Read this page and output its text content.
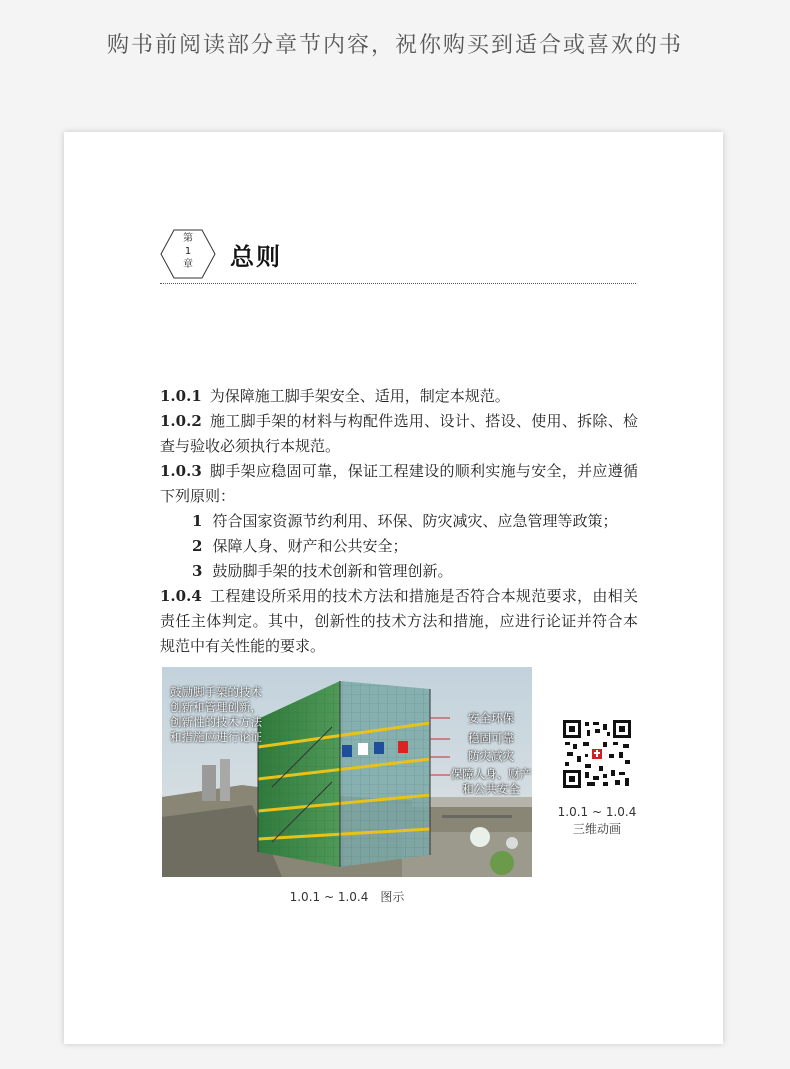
购书前阅读部分章节内容，祝你购买到适合或喜欢的书
第
1
章	总则

1.0.1 为保障施工脚手架安全、适用，制定本规范。

1.0.2 施工脚手架的材料与构配件选用、设计、搭设、使用、拆除、检查与验收必须执行本规范。

1.0.3 脚手架应稳固可靠，保证工程建设的顺利实施与安全，并应遵循下列原则：

1 符合国家资源节约利用、环保、防灾减灾、应急管理等政策；

2 保障人身、财产和公共安全；

3 鼓励脚手架的技术创新和管理创新。

1.0.4 工程建设所采用的技术方法和措施是否符合本规范要求，由相关责任主体判定。其中，创新性的技术方法和措施，应进行论证并符合本规范中有关性能的要求。

鼓励脚手架的技术创新和管理创新，创新性的技术方法和措施应进行论证
安全环保
稳固可靠
防灾减灾
保障人身、财产和公共安全
1.0.1 ~ 1.0.4　图示
1.0.1 ~ 1.0.4
三维动画
